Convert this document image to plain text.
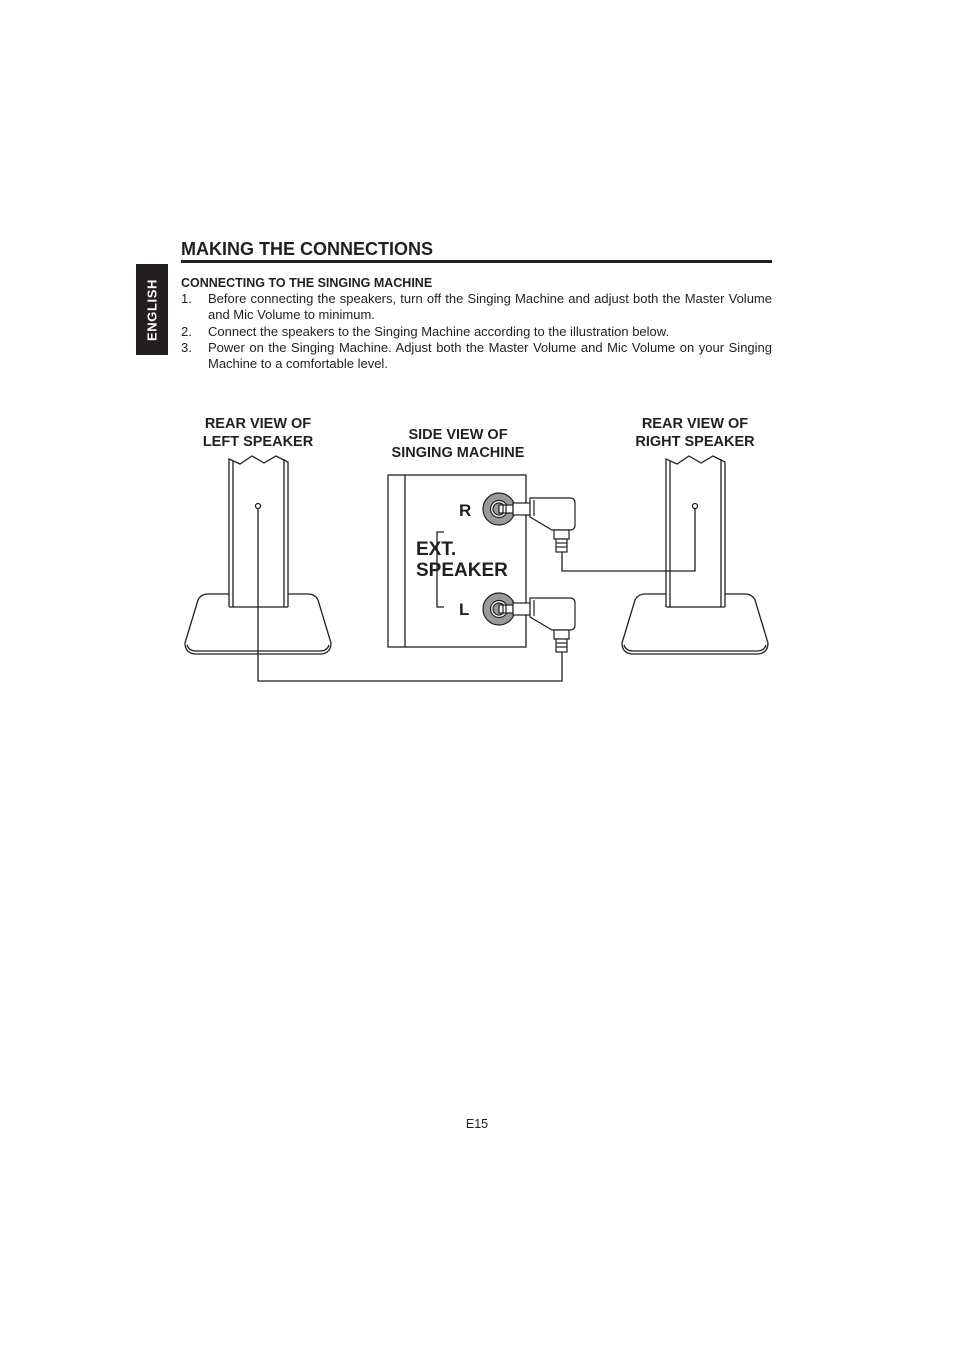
ENGLISH
MAKING THE CONNECTIONS
CONNECTING TO THE SINGING MACHINE
1. Before connecting the speakers, turn off the Singing Machine and adjust both the Master Volume and Mic Volume to minimum.
2. Connect the speakers to the Singing Machine according to the illustration below.
3. Power on the Singing Machine. Adjust both the Master Volume and Mic Volume on your Singing Machine to a comfortable level.
REAR VIEW OF
LEFT SPEAKER	SIDE VIEW OF
SINGING MACHINE
REAR VIEW OF
RIGHT SPEAKER
R
L
EXT.
SPEAKER
E15
